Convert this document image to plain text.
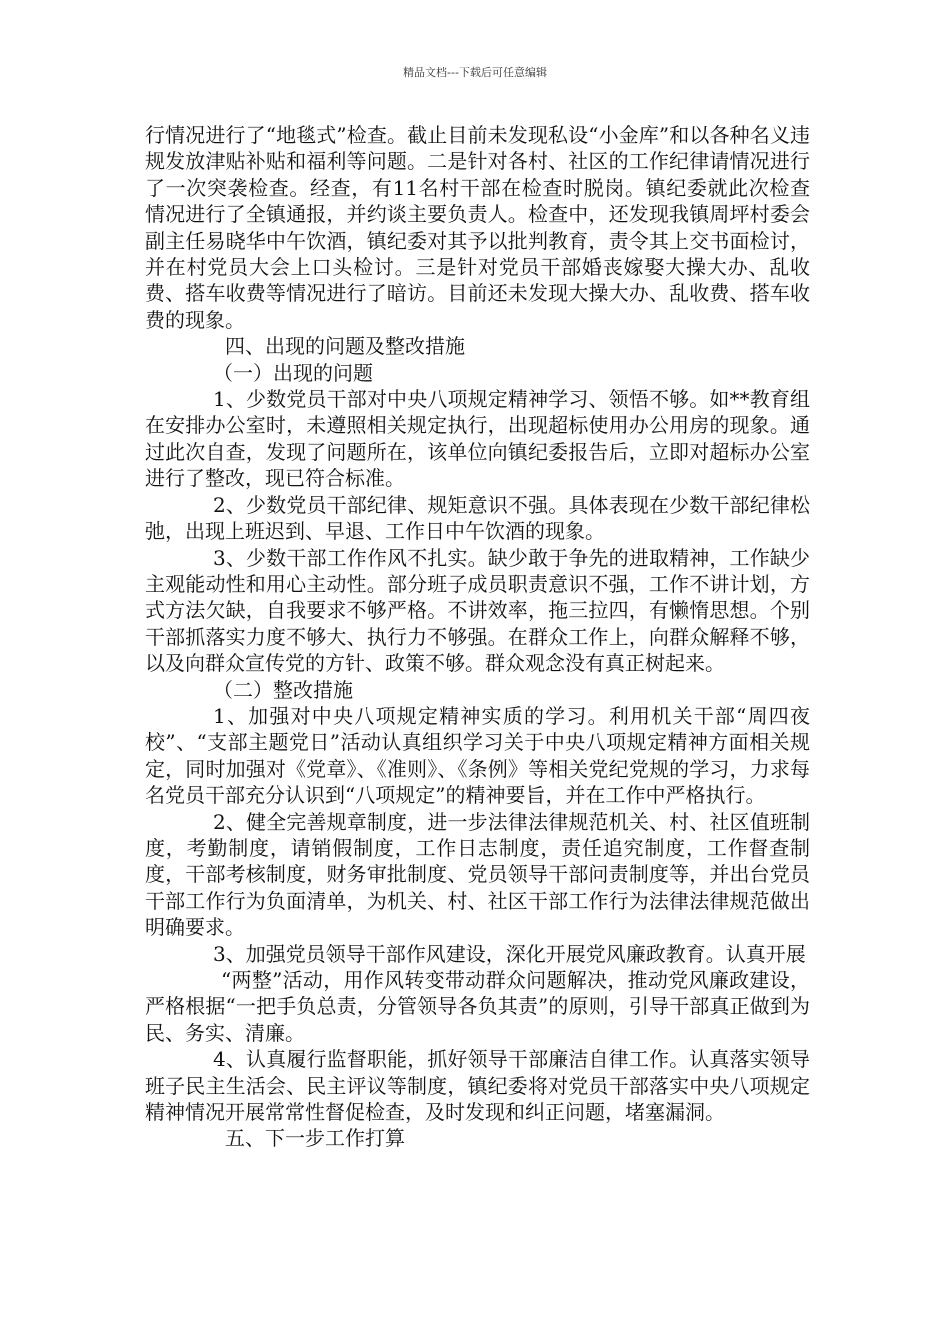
精品文档---下载后可任意编辑

行情况进行了“地毯式”检查。截止目前未发现私设“小金库”和以各种名义违规发放津贴补贴和福利等问题。二是针对各村、社区的工作纪律请情况进行了一次突袭检查。经查，有11名村干部在检查时脱岗。镇纪委就此次检查情况进行了全镇通报，并约谈主要负责人。检查中，还发现我镇周坪村委会副主任易晓华中午饮酒，镇纪委对其予以批判教育，责令其上交书面检讨，并在村党员大会上口头检讨。三是针对党员干部婚丧嫁娶大操大办、乱收费、搭车收费等情况进行了暗访。目前还未发现大操大办、乱收费、搭车收费的现象。

四、出现的问题及整改措施

（一）出现的问题

1、少数党员干部对中央八项规定精神学习、领悟不够。如**教育组在安排办公室时，未遵照相关规定执行，出现超标使用办公用房的现象。通过此次自查，发现了问题所在，该单位向镇纪委报告后，立即对超标办公室进行了整改，现已符合标准。

2、少数党员干部纪律、规矩意识不强。具体表现在少数干部纪律松弛，出现上班迟到、早退、工作日中午饮酒的现象。

3、少数干部工作作风不扎实。缺少敢于争先的进取精神，工作缺少主观能动性和用心主动性。部分班子成员职责意识不强，工作不讲计划，方式方法欠缺，自我要求不够严格。不讲效率，拖三拉四，有懒惰思想。个别干部抓落实力度不够大、执行力不够强。在群众工作上，向群众解释不够，以及向群众宣传党的方针、政策不够。群众观念没有真正树起来。

（二）整改措施

1、加强对中央八项规定精神实质的学习。利用机关干部“周四夜校”、“支部主题党日”活动认真组织学习关于中央八项规定精神方面相关规定，同时加强对《党章》、《准则》、《条例》等相关党纪党规的学习，力求每名党员干部充分认识到“八项规定”的精神要旨，并在工作中严格执行。

2、健全完善规章制度，进一步法律法律规范机关、村、社区值班制度，考勤制度，请销假制度，工作日志制度，责任追究制度，工作督查制度，干部考核制度，财务审批制度、党员领导干部问责制度等，并出台党员干部工作行为负面清单，为机关、村、社区干部工作行为法律法律规范做出明确要求。

3、加强党员领导干部作风建设，深化开展党风廉政教育。认真开展

“两整”活动，用作风转变带动群众问题解决，推动党风廉政建设，严格根据“一把手负总责，分管领导各负其责”的原则，引导干部真正做到为民、务实、清廉。

4、认真履行监督职能，抓好领导干部廉洁自律工作。认真落实领导班子民主生活会、民主评议等制度，镇纪委将对党员干部落实中央八项规定精神情况开展常常性督促检查，及时发现和纠正问题，堵塞漏洞。

五、下一步工作打算
